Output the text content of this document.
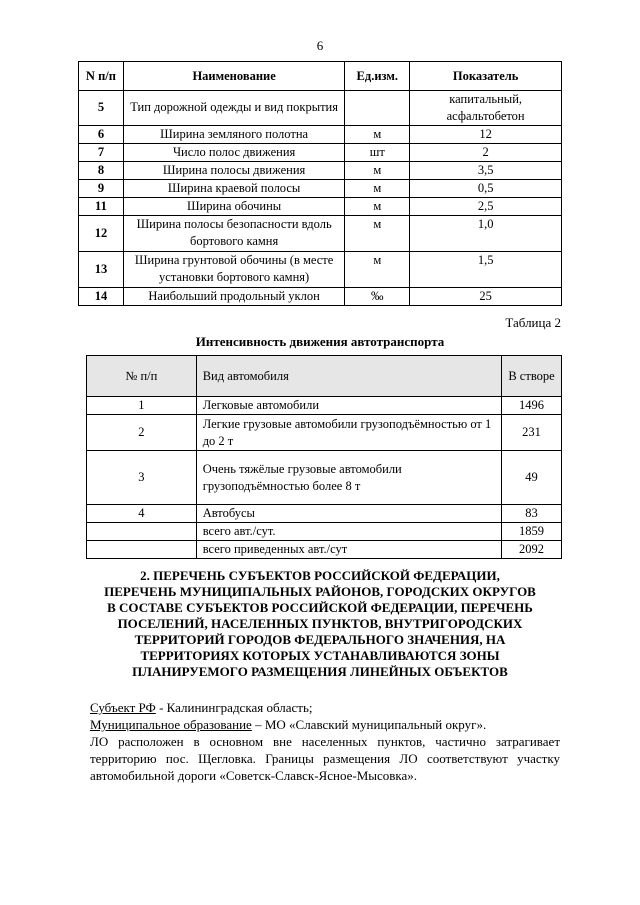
6
N п/п	Наименование	Ед.изм.	Показатель
5	Тип дорожной одежды и вид покрытия		капитальный, асфальтобетон
6	Ширина земляного полотна	м	12
7	Число полос движения	шт	2
8	Ширина полосы движения	м	3,5
9	Ширина краевой полосы	м	0,5
11	Ширина обочины	м	2,5
12	Ширина полосы безопасности вдоль бортового камня	м	1,0
13	Ширина грунтовой обочины (в месте установки бортового камня)	м	1,5
14	Наибольший продольный уклон	‰	25
Таблица 2
Интенсивность движения автотранспорта
№ п/п	Вид автомобиля	В створе
1	Легковые автомобили	1496
2	Легкие грузовые автомобили грузоподъёмностью от 1 до 2 т	231
3	Очень тяжёлые грузовые автомобили грузоподъёмностью более 8 т	49
4	Автобусы	83
	всего авт./сут.	1859
	всего приведенных авт./сут	2092
2. ПЕРЕЧЕНЬ СУБЪЕКТОВ РОССИЙСКОЙ ФЕДЕРАЦИИ, ПЕРЕЧЕНЬ МУНИЦИПАЛЬНЫХ РАЙОНОВ, ГОРОДСКИХ ОКРУГОВ В СОСТАВЕ СУБЪЕКТОВ РОССИЙСКОЙ ФЕДЕРАЦИИ, ПЕРЕЧЕНЬ ПОСЕЛЕНИЙ, НАСЕЛЕННЫХ ПУНКТОВ, ВНУТРИГОРОДСКИХ ТЕРРИТОРИЙ ГОРОДОВ ФЕДЕРАЛЬНОГО ЗНАЧЕНИЯ, НА ТЕРРИТОРИЯХ КОТОРЫХ УСТАНАВЛИВАЮТСЯ ЗОНЫ ПЛАНИРУЕМОГО РАЗМЕЩЕНИЯ ЛИНЕЙНЫХ ОБЪЕКТОВ
Субъект РФ - Калининградская область;
Муниципальное образование – МО «Славский муниципальный округ».
ЛО расположен в основном вне населенных пунктов, частично затрагивает территорию пос. Щегловка. Границы размещения ЛО соответствуют участку автомобильной дороги «Советск-Славск-Ясное-Мысовка».
